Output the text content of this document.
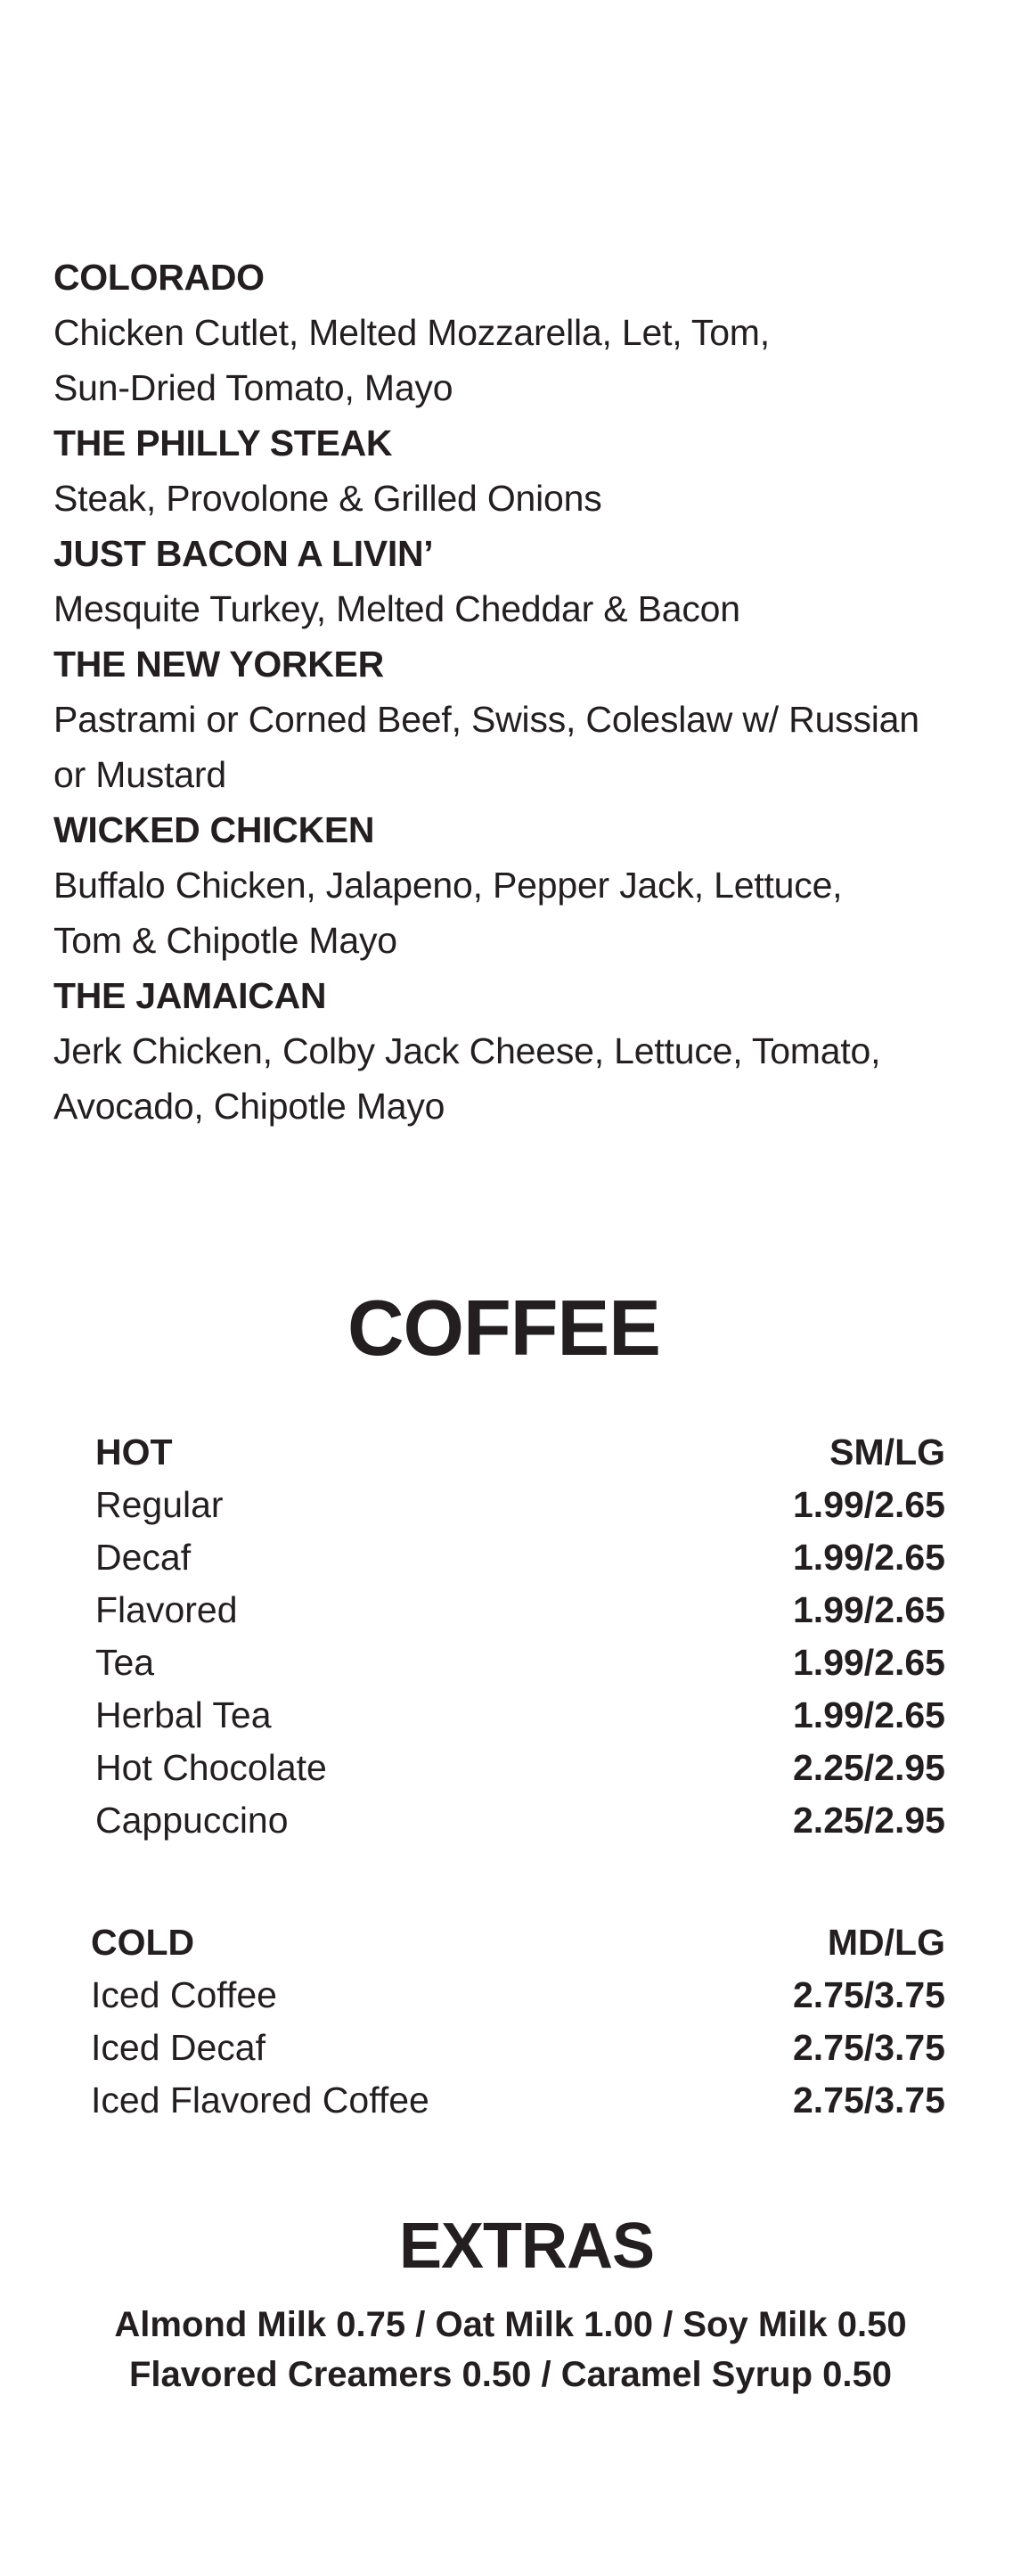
COLORADO
Chicken Cutlet, Melted Mozzarella, Let, Tom,
Sun-Dried Tomato, Mayo
THE PHILLY STEAK
Steak, Provolone & Grilled Onions
JUST BACON A LIVIN’
Mesquite Turkey, Melted Cheddar & Bacon
THE NEW YORKER
Pastrami or Corned Beef, Swiss, Coleslaw w/ Russian
or Mustard
WICKED CHICKEN
Buffalo Chicken, Jalapeno, Pepper Jack, Lettuce,
Tom & Chipotle Mayo
THE JAMAICAN
Jerk Chicken, Colby Jack Cheese, Lettuce, Tomato,
Avocado, Chipotle Mayo
COFFEE
HOT	SM/LG
Regular	1.99/2.65
Decaf	1.99/2.65
Flavored	1.99/2.65
Tea	1.99/2.65
Herbal Tea	1.99/2.65
Hot Chocolate	2.25/2.95
Cappuccino	2.25/2.95
COLD	MD/LG
Iced Coffee	2.75/3.75
Iced Decaf	2.75/3.75
Iced Flavored Coffee	2.75/3.75
EXTRAS
Almond Milk 0.75 / Oat Milk 1.00 / Soy Milk 0.50
Flavored Creamers 0.50 / Caramel Syrup 0.50
